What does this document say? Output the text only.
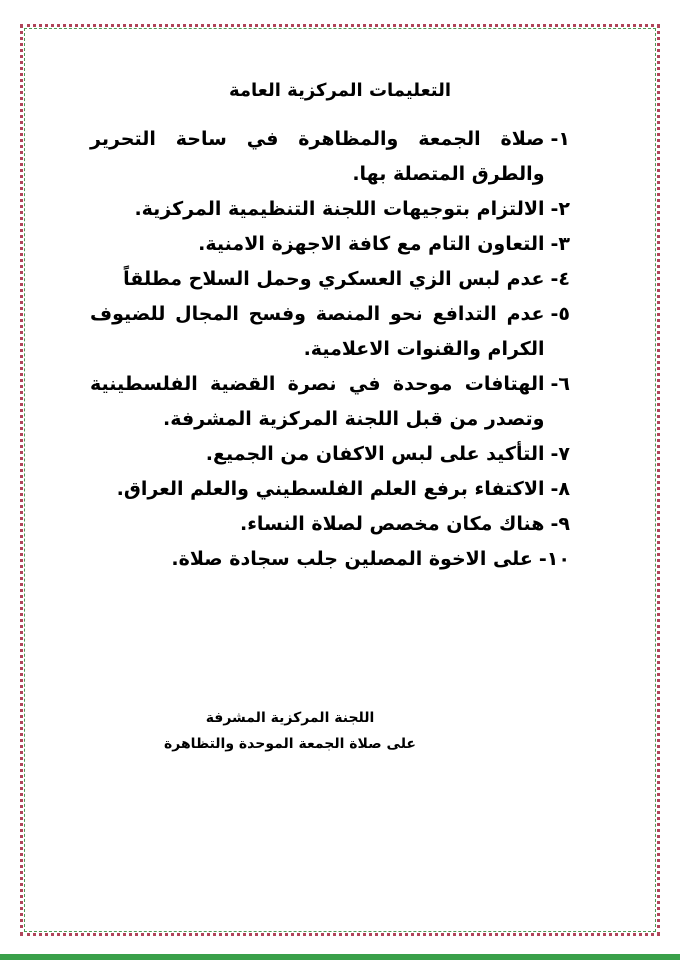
التعليمات المركزية العامة
١-
صلاة الجمعة والمظاهرة في ساحة التحرير والطرق المتصلة بها.
٢-
الالتزام بتوجيهات اللجنة التنظيمية المركزية.
٣-
التعاون التام مع كافة الاجهزة الامنية.
٤-
عدم لبس الزي العسكري وحمل السلاح مطلقاً
٥-
عدم التدافع نحو المنصة وفسح المجال للضيوف الكرام والقنوات الاعلامية.
٦-
الهتافات موحدة في نصرة القضية الفلسطينية وتصدر من قبل اللجنة المركزية المشرفة.
٧-
التأكيد على لبس الاكفان من الجميع.
٨-
الاكتفاء برفع العلم الفلسطيني والعلم العراق.
٩-
هناك مكان مخصص لصلاة النساء.
١٠-
على الاخوة المصلين جلب سجادة صلاة.
اللجنة المركزية المشرفة
على صلاة الجمعة الموحدة والتظاهرة
